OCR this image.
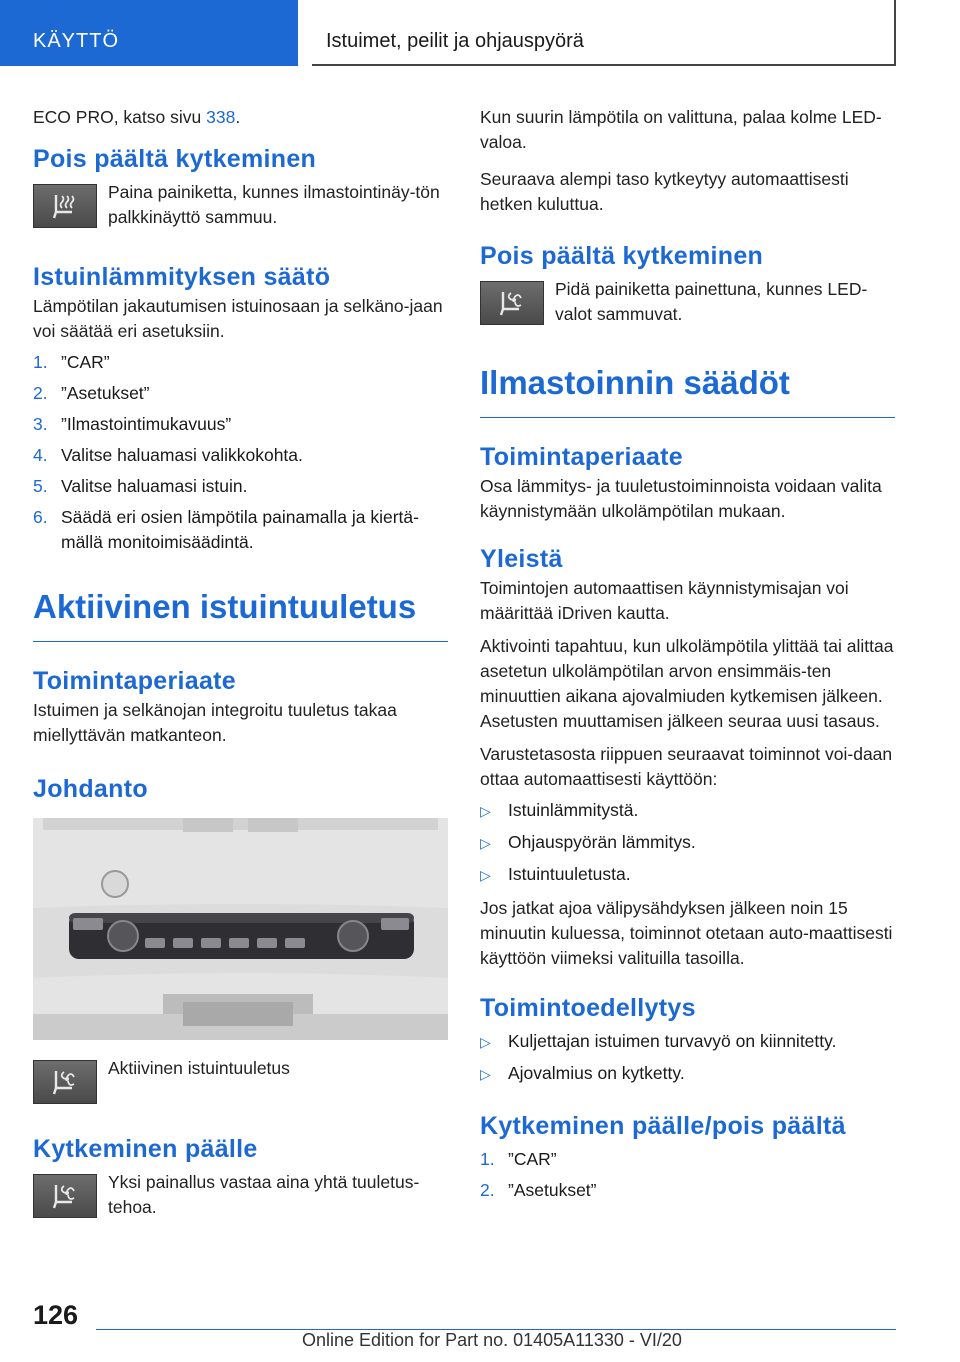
KÄYTTÖ	Istuimet, peilit ja ohjauspyörä

ECO PRO, katso sivu 338.

Pois päältä kytkeminen

Paina painiketta, kunnes ilmastointinäy-tön palkkinäyttö sammuu.

Istuinlämmityksen säätö

Lämpötilan jakautumisen istuinosaan ja selkäno-jaan voi säätää eri asetuksiin.

1. ”CAR”
2. ”Asetukset”
3. ”Ilmastointimukavuus”
4. Valitse haluamasi valikkokohta.
5. Valitse haluamasi istuin.
6. Säädä eri osien lämpötila painamalla ja kiertä-mällä monitoimisäädintä.
Aktiivinen istuintuuletus
Toimintaperiaate

Istuimen ja selkänojan integroitu tuuletus takaa miellyttävän matkanteon.

Johdanto

Aktiivinen istuintuuletus

Kytkeminen päälle

Yksi painallus vastaa aina yhtä tuuletus-tehoa.

Kun suurin lämpötila on valittuna, palaa kolme LED-valoa.

Seuraava alempi taso kytkeytyy automaattisesti hetken kuluttua.

Pois päältä kytkeminen

Pidä painiketta painettuna, kunnes LED-valot sammuvat.

Ilmastoinnin säädöt
Toimintaperiaate

Osa lämmitys- ja tuuletustoiminnoista voidaan valita käynnistymään ulkolämpötilan mukaan.

Yleistä

Toimintojen automaattisen käynnistymisajan voi määrittää iDriven kautta.

Aktivointi tapahtuu, kun ulkolämpötila ylittää tai alittaa asetetun ulkolämpötilan arvon ensimmäis-ten minuuttien aikana ajovalmiuden kytkemisen jälkeen. Asetusten muuttamisen jälkeen seuraa uusi tasaus.

Varustetasosta riippuen seuraavat toiminnot voi-daan ottaa automaattisesti käyttöön:

▷ Istuinlämmitystä.
▷ Ohjauspyörän lämmitys.
▷ Istuintuuletusta.

Jos jatkat ajoa välipysähdyksen jälkeen noin 15 minuutin kuluessa, toiminnot otetaan auto-maattisesti käyttöön viimeksi valituilla tasoilla.

Toimintoedellytys
▷ Kuljettajan istuimen turvavyö on kiinnitetty.
▷ Ajovalmius on kytketty.
Kytkeminen päälle/pois päältä
1. ”CAR”
2. ”Asetukset”
126
Online Edition for Part no. 01405A11330 - VI/20
